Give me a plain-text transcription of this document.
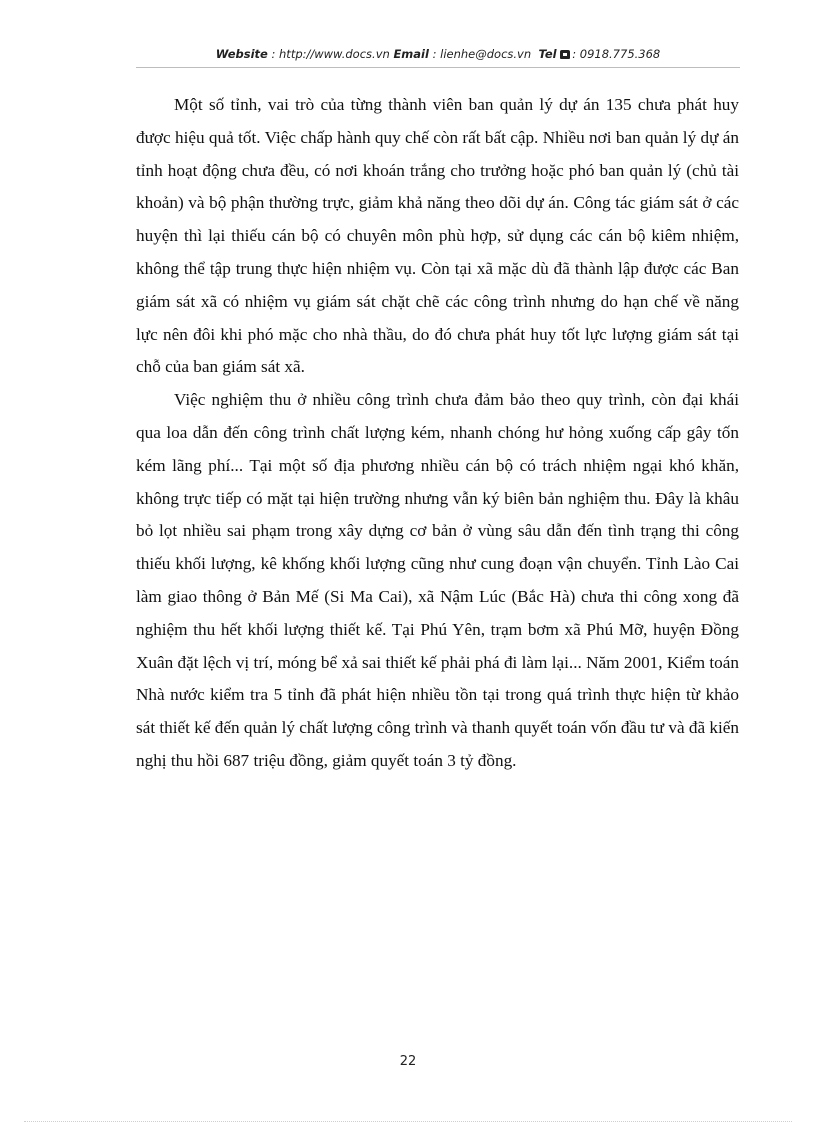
Website : http://www.docs.vn Email : lienhe@docs.vn Tel : 0918.775.368

Một số tỉnh, vai trò của từng thành viên ban quản lý dự án 135 chưa phát huy được hiệu quả tốt. Việc chấp hành quy chế còn rất bất cập. Nhiều nơi ban quản lý dự án tỉnh hoạt động chưa đều, có nơi khoán trắng cho trưởng hoặc phó ban quản lý (chủ tài khoản) và bộ phận thường trực, giảm khả năng theo dõi dự án. Công tác giám sát ở các huyện thì lại thiếu cán bộ có chuyên môn phù hợp, sử dụng các cán bộ kiêm nhiệm, không thể tập trung thực hiện nhiệm vụ. Còn tại xã mặc dù đã thành lập được các Ban giám sát xã có nhiệm vụ giám sát chặt chẽ các công trình nhưng do hạn chế về năng lực nên đôi khi phó mặc cho nhà thầu, do đó chưa phát huy tốt lực lượng giám sát tại chỗ của ban giám sát xã.

Việc nghiệm thu ở nhiều công trình chưa đảm bảo theo quy trình, còn đại khái qua loa dẫn đến công trình chất lượng kém, nhanh chóng hư hỏng xuống cấp gây tốn kém lãng phí... Tại một số địa phương nhiều cán bộ có trách nhiệm ngại khó khăn, không trực tiếp có mặt tại hiện trường nhưng vẫn ký biên bản nghiệm thu. Đây là khâu bỏ lọt nhiều sai phạm trong xây dựng cơ bản ở vùng sâu dẫn đến tình trạng thi công thiếu khối lượng, kê khống khối lượng cũng như cung đoạn vận chuyển. Tỉnh Lào Cai làm giao thông ở Bản Mế (Si Ma Cai), xã Nậm Lúc (Bắc Hà) chưa thi công xong đã nghiệm thu hết khối lượng thiết kế. Tại Phú Yên, trạm bơm xã Phú Mỡ, huyện Đồng Xuân đặt lệch vị trí, móng bể xả sai thiết kế phải phá đi làm lại... Năm 2001, Kiểm toán Nhà nước kiểm tra 5 tỉnh đã phát hiện nhiều tồn tại trong quá trình thực hiện từ khảo sát thiết kế đến quản lý chất lượng công trình và thanh quyết toán vốn đầu tư và đã kiến nghị thu hồi 687 triệu đồng, giảm quyết toán 3 tỷ đồng.

22
